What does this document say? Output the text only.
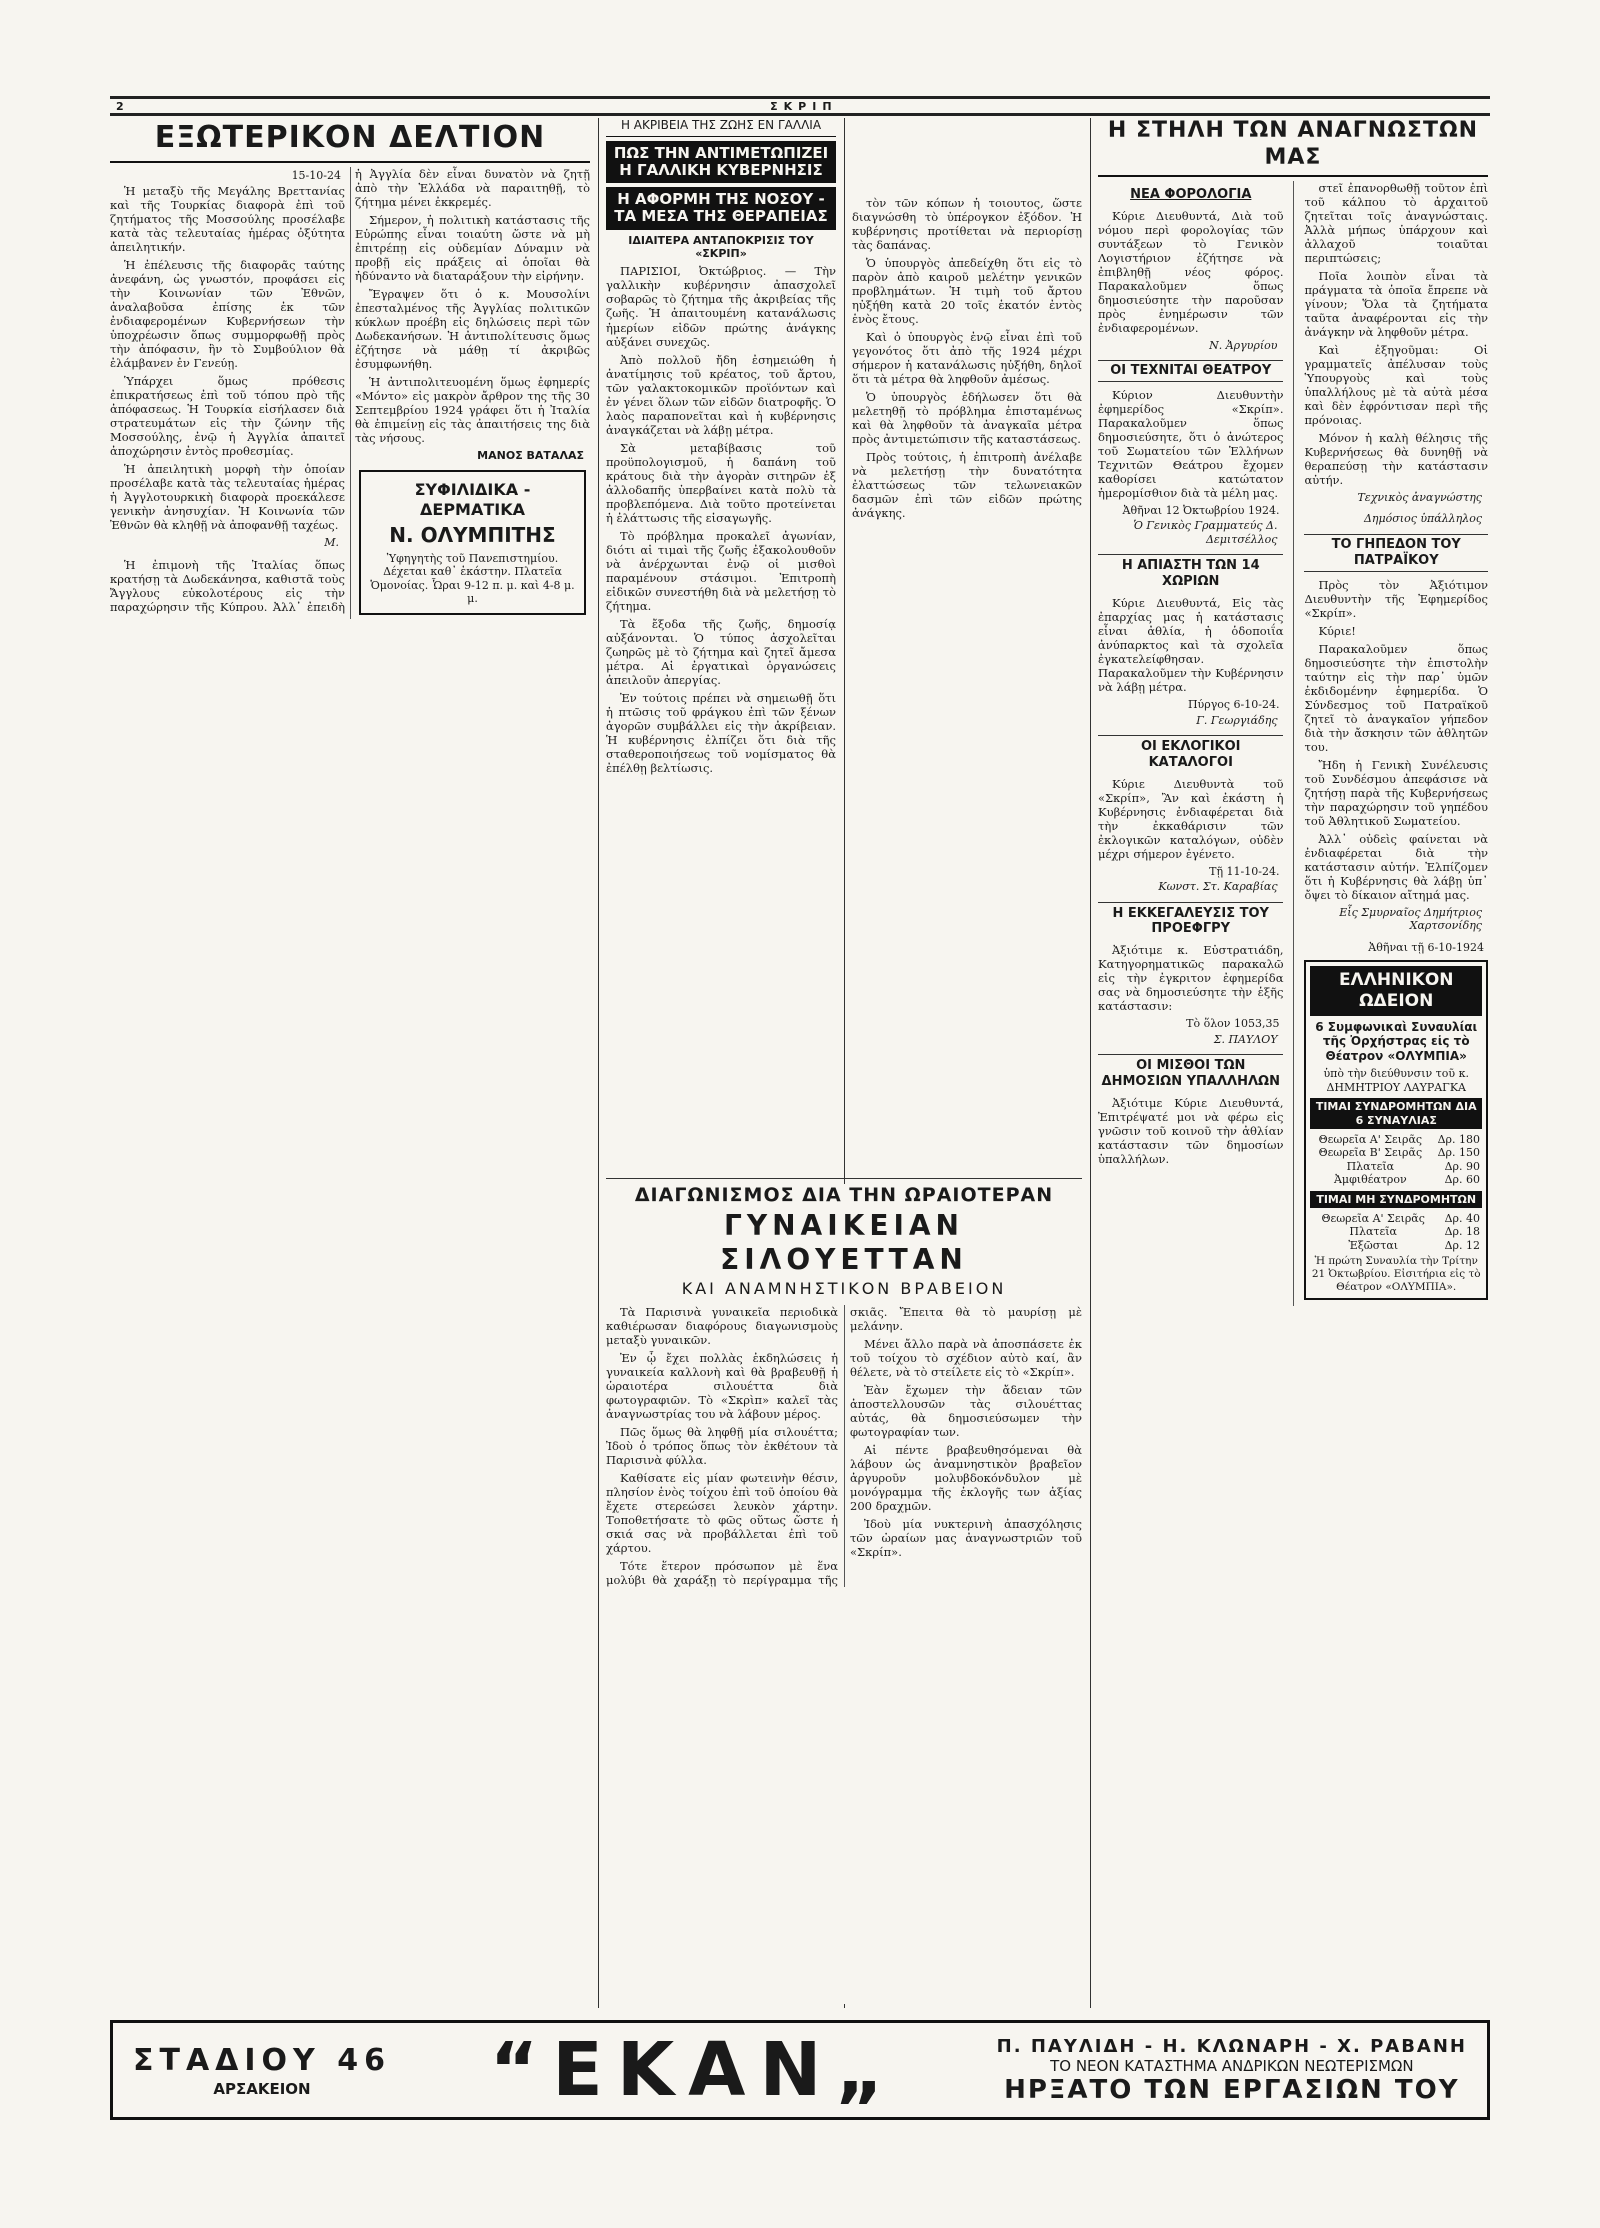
2	ΣΚΡΙΠ
ΕΞΩΤΕΡΙΚΟΝ ΔΕΛΤΙΟΝ
15-10-24

Ἡ μεταξὺ τῆς Μεγάλης Βρεττανίας καὶ τῆς Τουρκίας διαφορὰ ἐπὶ τοῦ ζητήματος τῆς Μοσσούλης προσέλαβε κατὰ τὰς τελευταίας ἡμέρας ὀξύτητα ἀπειλητικήν.

Ἡ ἐπέλευσις τῆς διαφορᾶς ταύτης ἀνεφάνη, ὡς γνωστόν, προφάσει εἰς τὴν Κοινωνίαν τῶν Ἐθνῶν, ἀναλαβοῦσα ἐπίσης ἐκ τῶν ἐνδιαφερομένων Κυβερνήσεων τὴν ὑποχρέωσιν ὅπως συμμορφωθῇ πρὸς τὴν ἀπόφασιν, ἣν τὸ Συμβούλιον θὰ ἐλάμβανεν ἐν Γενεύῃ.

Ὑπάρχει ὅμως πρόθεσις ἐπικρατήσεως ἐπὶ τοῦ τόπου πρὸ τῆς ἀπόφασεως. Ἡ Τουρκία εἰσήλασεν διὰ στρατευμάτων εἰς τὴν ζώνην τῆς Μοσσούλης, ἐνῷ ἡ Ἀγγλία ἀπαιτεῖ ἀποχώρησιν ἐντὸς προθεσμίας.

Ἡ ἀπειλητικὴ μορφὴ τὴν ὁποίαν προσέλαβε κατὰ τὰς τελευταίας ἡμέρας ἡ Ἀγγλοτουρκικὴ διαφορὰ προεκάλεσε γενικὴν ἀνησυχίαν. Ἡ Κοινωνία τῶν Ἐθνῶν θὰ κληθῇ νὰ ἀποφανθῇ ταχέως.

Μ.

Ἡ ἐπιμονὴ τῆς Ἰταλίας ὅπως κρατήσῃ τὰ Δωδεκάνησα, καθιστᾶ τοὺς Ἄγγλους εὐκολοτέρους εἰς τὴν παραχώρησιν τῆς Κύπρου. Ἀλλ᾿ ἐπειδὴ ἡ Ἀγγλία δὲν εἶναι δυνατὸν νὰ ζητῇ ἀπὸ τὴν Ἑλλάδα νὰ παραιτηθῇ, τὸ ζήτημα μένει ἐκκρεμές.

Σήμερον, ἡ πολιτικὴ κατάστασις τῆς Εὐρώπης εἶναι τοιαύτη ὥστε νὰ μὴ ἐπιτρέπῃ εἰς οὐδεμίαν Δύναμιν νὰ προβῇ εἰς πράξεις αἱ ὁποῖαι θὰ ἠδύναντο νὰ διαταράξουν τὴν εἰρήνην.

Ἔγραψεν ὅτι ὁ κ. Μουσολίνι ἐπεσταλμένος τῆς Ἀγγλίας πολιτικῶν κύκλων προέβη εἰς δηλώσεις περὶ τῶν Δωδεκανήσων. Ἡ ἀντιπολίτευσις ὅμως ἐζήτησε νὰ μάθῃ τί ἀκριβῶς ἐσυμφωνήθη.

Ἡ ἀντιπολιτευομένη ὅμως ἐφημερίς «Μόντο» εἰς μακρὸν ἄρθρον της τῆς 30 Σεπτεμβρίου 1924 γράφει ὅτι ἡ Ἰταλία θὰ ἐπιμείνῃ εἰς τὰς ἀπαιτήσεις της διὰ τὰς νήσους.

ΜΑΝΟΣ ΒΑΤΑΛΑΣ
ΣΥΦΙΛΙΔΙΚΑ - ΔΕΡΜΑΤΙΚΑ
Ν. ΟΛΥΜΠΙΤΗΣ
Ὑφηγητὴς τοῦ Πανεπιστημίου. Δέχεται καθ᾿ ἑκάστην. Πλατεῖα Ὁμονοίας. Ὧραι 9-12 π. μ. καὶ 4-8 μ. μ.
Η ΑΚΡΙΒΕΙΑ ΤΗΣ ΖΩΗΣ ΕΝ ΓΑΛΛΙΑ
ΠΩΣ ΤΗΝ ΑΝΤΙΜΕΤΩΠΙΖΕΙ Η ΓΑΛΛΙΚΗ ΚΥΒΕΡΝΗΣΙΣ
Η ΑΦΟΡΜΗ ΤΗΣ ΝΟΣΟΥ - ΤΑ ΜΕΣΑ ΤΗΣ ΘΕΡΑΠΕΙΑΣ
ΙΔΙΑΙΤΕΡΑ ΑΝΤΑΠΟΚΡΙΣΙΣ ΤΟΥ «ΣΚΡΙΠ»

ΠΑΡΙΣΙΟΙ, Ὀκτώβριος. — Τὴν γαλλικὴν κυβέρνησιν ἀπασχολεῖ σοβαρῶς τὸ ζήτημα τῆς ἀκριβείας τῆς ζωῆς. Ἡ ἀπαιτουμένη κατανάλωσις ἠμερίων εἰδῶν πρώτης ἀνάγκης αὐξάνει συνεχῶς.

Ἀπὸ πολλοῦ ἤδη ἐσημειώθη ἡ ἀνατίμησις τοῦ κρέατος, τοῦ ἄρτου, τῶν γαλακτοκομικῶν προϊόντων καὶ ἐν γένει ὅλων τῶν εἰδῶν διατροφῆς. Ὁ λαὸς παραπονεῖται καὶ ἡ κυβέρνησις ἀναγκάζεται νὰ λάβῃ μέτρα.

Σὰ μεταβίβασις τοῦ προϋπολογισμοῦ, ἡ δαπάνη τοῦ κράτους διὰ τὴν ἀγορὰν σιτηρῶν ἐξ ἀλλοδαπῆς ὑπερβαίνει κατὰ πολὺ τὰ προβλεπόμενα. Διὰ τοῦτο προτείνεται ἡ ἐλάττωσις τῆς εἰσαγωγῆς.

Τὸ πρόβλημα προκαλεῖ ἀγωνίαν, διότι αἱ τιμαὶ τῆς ζωῆς ἐξακολουθοῦν νὰ ἀνέρχωνται ἐνῷ οἱ μισθοὶ παραμένουν στάσιμοι. Ἐπιτροπὴ εἰδικῶν συνεστήθη διὰ νὰ μελετήσῃ τὸ ζήτημα.

Τὰ ἔξοδα τῆς ζωῆς, δημοσίᾳ αὐξάνονται. Ὁ τύπος ἀσχολεῖται ζωηρῶς μὲ τὸ ζήτημα καὶ ζητεῖ ἄμεσα μέτρα. Αἱ ἐργατικαὶ ὀργανώσεις ἀπειλοῦν ἀπεργίας.

Ἐν τούτοις πρέπει νὰ σημειωθῇ ὅτι ἡ πτῶσις τοῦ φράγκου ἐπὶ τῶν ξένων ἀγορῶν συμβάλλει εἰς τὴν ἀκρίβειαν. Ἡ κυβέρνησις ἐλπίζει ὅτι διὰ τῆς σταθεροποιήσεως τοῦ νομίσματος θὰ ἐπέλθῃ βελτίωσις.

τὸν τῶν κόπων ἡ τοιουτος, ὥστε διαγνώσθη τὸ ὑπέρογκον ἐξόδον. Ἡ κυβέρνησις προτίθεται νὰ περιορίσῃ τὰς δαπάνας.

Ὁ ὑπουργὸς ἀπεδείχθη ὅτι εἰς τὸ παρὸν ἀπὸ καιροῦ μελέτην γενικῶν προβλημάτων. Ἡ τιμὴ τοῦ ἄρτου ηὐξήθη κατὰ 20 τοῖς ἑκατόν ἐντὸς ἑνὸς ἔτους.

Καὶ ὁ ὑπουργὸς ἐνῷ εἶναι ἐπὶ τοῦ γεγονότος ὅτι ἀπὸ τῆς 1924 μέχρι σήμερον ἡ κατανάλωσις ηὐξήθη, δηλοῖ ὅτι τὰ μέτρα θὰ ληφθοῦν ἀμέσως.

Ὁ ὑπουργὸς ἐδήλωσεν ὅτι θὰ μελετηθῇ τὸ πρόβλημα ἐπισταμένως καὶ θὰ ληφθοῦν τὰ ἀναγκαῖα μέτρα πρὸς ἀντιμετώπισιν τῆς καταστάσεως.

Πρὸς τούτοις, ἡ ἐπιτροπὴ ἀνέλαβε νὰ μελετήσῃ τὴν δυνατότητα ἐλαττώσεως τῶν τελωνειακῶν δασμῶν ἐπὶ τῶν εἰδῶν πρώτης ἀνάγκης.

ΔΙΑΓΩΝΙΣΜΟΣ ΔΙΑ ΤΗΝ ΩΡΑΙΟΤΕΡΑΝ
ΓΥΝΑΙΚΕΙΑΝ ΣΙΛΟΥΕΤΤΑΝ
ΚΑΙ ΑΝΑΜΝΗΣΤΙΚΟΝ ΒΡΑΒΕΙΟΝ

Τὰ Παρισινὰ γυναικεῖα περιοδικὰ καθιέρωσαν διαφόρους διαγωνισμοὺς μεταξὺ γυναικῶν.

Ἐν ᾧ ἔχει πολλὰς ἐκδηλώσεις ἡ γυναικεία καλλονὴ καὶ θὰ βραβευθῇ ἡ ὡραιοτέρα σιλουέττα διὰ φωτογραφιῶν. Τὸ «Σκρὶπ» καλεῖ τὰς ἀναγνωστρίας του νὰ λάβουν μέρος.

Πῶς ὅμως θὰ ληφθῇ μία σιλουέττα; Ἰδοὺ ὁ τρόπος ὅπως τὸν ἐκθέτουν τὰ Παρισινὰ φύλλα.

Καθίσατε εἰς μίαν φωτεινὴν θέσιν, πλησίον ἑνὸς τοίχου ἐπὶ τοῦ ὁποίου θὰ ἔχετε στερεώσει λευκὸν χάρτην. Τοποθετήσατε τὸ φῶς οὕτως ὥστε ἡ σκιά σας νὰ προβάλλεται ἐπὶ τοῦ χάρτου.

Τότε ἕτερον πρόσωπον μὲ ἕνα μολύβι θὰ χαράξῃ τὸ περίγραμμα τῆς σκιᾶς. Ἔπειτα θὰ τὸ μαυρίσῃ μὲ μελάνην.

Μένει ἄλλο παρὰ νὰ ἀποσπάσετε ἐκ τοῦ τοίχου τὸ σχέδιον αὐτὸ καί, ἂν θέλετε, νὰ τὸ στείλετε εἰς τὸ «Σκρίπ».

Ἐὰν ἔχωμεν τὴν ἄδειαν τῶν ἀποστελλουσῶν τὰς σιλουέττας αὐτάς, θὰ δημοσιεύσωμεν τὴν φωτογραφίαν των.

Αἱ πέντε βραβευθησόμεναι θὰ λάβουν ὡς ἀναμνηστικὸν βραβεῖον ἀργυροῦν μολυβδοκόνδυλον μὲ μονόγραμμα τῆς ἐκλογῆς των ἀξίας 200 δραχμῶν.

Ἰδοὺ μία νυκτερινὴ ἀπασχόλησις τῶν ὡραίων μας ἀναγνωστριῶν τοῦ «Σκρίπ».

Η ΣΤΗΛΗ ΤΩΝ ΑΝΑΓΝΩΣΤΩΝ ΜΑΣ
ΝΕΑ ΦΟΡΟΛΟΓΙΑ

Κύριε Διευθυντά, Διὰ τοῦ νόμου περὶ φορολογίας τῶν συντάξεων τὸ Γενικὸν Λογιστήριον ἐζήτησε νὰ ἐπιβληθῇ νέος φόρος. Παρακαλοῦμεν ὅπως δημοσιεύσητε τὴν παροῦσαν πρὸς ἐνημέρωσιν τῶν ἐνδιαφερομένων.

Ν. Ἀργυρίου
ΟΙ ΤΕΧΝΙΤΑΙ ΘΕΑΤΡΟΥ

Κύριον Διευθυντὴν ἐφημερίδος «Σκρίπ». Παρακαλοῦμεν ὅπως δημοσιεύσητε, ὅτι ὁ ἀνώτερος τοῦ Σωματείου τῶν Ἑλλήνων Τεχνιτῶν Θεάτρου ἔχομεν καθορίσει κατώτατον ἡμερομίσθιον διὰ τὰ μέλη μας.

Ἀθῆναι 12 Ὀκτωβρίου 1924.
Ὁ Γενικὸς Γραμματεύς Δ. Δεμιτσέλλος
Η ΑΠΙΑΣΤΗ ΤΩΝ 14 ΧΩΡΙΩΝ

Κύριε Διευθυντά, Εἰς τὰς ἐπαρχίας μας ἡ κατάστασις εἶναι ἀθλία, ἡ ὁδοποιΐα ἀνύπαρκτος καὶ τὰ σχολεῖα ἐγκατελείφθησαν. Παρακαλοῦμεν τὴν Κυβέρνησιν νὰ λάβῃ μέτρα.

Πύργος 6-10-24.
Γ. Γεωργιάδης
ΟΙ ΕΚΛΟΓΙΚΟΙ ΚΑΤΑΛΟΓΟΙ

Κύριε Διευθυντὰ τοῦ «Σκρίπ», Ἂν καὶ ἐκάστη ἡ Κυβέρνησις ἐνδιαφέρεται διὰ τὴν ἐκκαθάρισιν τῶν ἐκλογικῶν καταλόγων, οὐδὲν μέχρι σήμερον ἐγένετο.

Τῇ 11-10-24.
Κωνστ. Στ. Καραβίας
Η ΕΚΚΕΓΑΛΕΥΣΙΣ ΤΟΥ ΠΡΟΕΦΓΡΥ

Ἀξιότιμε κ. Εὐστρατιάδη, Κατηγορηματικῶς παρακαλῶ εἰς τὴν ἐγκριτον ἐφημερίδα σας νὰ δημοσιεύσητε τὴν ἑξῆς κατάστασιν:

Τὸ ὅλον 1053,35
Σ. ΠΑΥΛΟΥ
ΟΙ ΜΙΣΘΟΙ ΤΩΝ ΔΗΜΟΣΙΩΝ ΥΠΑΛΛΗΛΩΝ

Ἀξιότιμε Κύριε Διευθυντά, Ἐπιτρέψατέ μοι νὰ φέρω εἰς γνῶσιν τοῦ κοινοῦ τὴν ἀθλίαν κατάστασιν τῶν δημοσίων ὑπαλλήλων.

στεῖ ἐπανορθωθῇ τοῦτον ἐπὶ τοῦ κάλπου τὸ ἀρχαιτοῦ ζητεῖται τοῖς ἀναγνώσταις. Ἀλλὰ μήπως ὑπάρχουν καὶ ἀλλαχοῦ τοιαῦται περιπτώσεις;

Ποῖα λοιπὸν εἶναι τὰ πράγματα τὰ ὁποῖα ἔπρεπε νὰ γίνουν; Ὅλα τὰ ζητήματα ταῦτα ἀναφέρονται εἰς τὴν ἀνάγκην νὰ ληφθοῦν μέτρα.

Καὶ ἐξηγοῦμαι: Οἱ γραμματεῖς ἀπέλυσαν τοὺς Ὑπουργοὺς καὶ τοὺς ὑπαλλήλους μὲ τὰ αὐτὰ μέσα καὶ δὲν ἐφρόντισαν περὶ τῆς πρόνοιας.

Μόνον ἡ καλὴ θέλησις τῆς Κυβερνήσεως θὰ δυνηθῇ νὰ θεραπεύσῃ τὴν κατάστασιν αὐτήν.

Τεχνικὸς ἀναγνώστης
Δημόσιος ὑπάλληλος
ΤΟ ΓΗΠΕΔΟΝ ΤΟΥ ΠΑΤΡΑΪΚΟΥ

Πρὸς τὸν Ἀξιότιμον Διευθυντὴν τῆς Ἐφημερίδος «Σκρίπ».

Κύριε!

Παρακαλοῦμεν ὅπως δημοσιεύσητε τὴν ἐπιστολὴν ταύτην εἰς τὴν παρ᾿ ὑμῶν ἐκδιδομένην ἐφημερίδα. Ὁ Σύνδεσμος τοῦ Πατραϊκοῦ ζητεῖ τὸ ἀναγκαῖον γήπεδον διὰ τὴν ἄσκησιν τῶν ἀθλητῶν του.

Ἤδη ἡ Γενικὴ Συνέλευσις τοῦ Συνδέσμου ἀπεφάσισε νὰ ζητήσῃ παρὰ τῆς Κυβερνήσεως τὴν παραχώρησιν τοῦ γηπέδου τοῦ Ἀθλητικοῦ Σωματείου.

Ἀλλ᾿ οὐδεὶς φαίνεται νὰ ἐνδιαφέρεται διὰ τὴν κατάστασιν αὐτήν. Ἐλπίζομεν ὅτι ἡ Κυβέρνησις θὰ λάβῃ ὑπ᾿ ὄψει τὸ δίκαιον αἴτημά μας.

Εἷς Σμυρναῖος Δημήτριος Χαρτσονίδης
Ἀθῆναι τῇ 6-10-1924
ΕΛΛΗΝΙΚΟΝ ΩΔΕΙΟΝ
6 Συμφωνικαὶ Συναυλίαι τῆς Ὀρχήστρας εἰς τὸ Θέατρον «ΟΛΥΜΠΙΑ»
ὑπὸ τὴν διεύθυνσιν τοῦ κ. ΔΗΜΗΤΡΙΟΥ ΛΑΥΡΑΓΚΑ
ΤΙΜΑΙ ΣΥΝΔΡΟΜΗΤΩΝ ΔΙΑ 6 ΣΥΝΑΥΛΙΑΣ
Θεωρεῖα Α' Σειρᾶς	Δρ. 180
Θεωρεῖα Β' Σειρᾶς	Δρ. 150
Πλατεῖα	Δρ. 90
Ἀμφιθέατρον	Δρ. 60
ΤΙΜΑΙ ΜΗ ΣΥΝΔΡΟΜΗΤΩΝ
Θεωρεῖα Α' Σειρᾶς	Δρ. 40
Πλατεῖα	Δρ. 18
Ἐξῶσται	Δρ. 12
Ἡ πρώτη Συναυλία τὴν Τρίτην 21 Ὀκτωβρίου. Εἰσιτήρια εἰς τὸ Θέατρον «ΟΛΥΜΠΙΑ».
ΣΤΑΔΙΟΥ 46
ΑΡΣΑΚΕΙΟΝ	“ΕΚΑΝ„	Π. ΠΑΥΛΙΔΗ - Η. ΚΛΩΝΑΡΗ - Χ. ΡΑΒΑΝΗ
ΤΟ ΝΕΟΝ ΚΑΤΑΣΤΗΜΑ ΑΝΔΡΙΚΩΝ ΝΕΩΤΕΡΙΣΜΩΝ
ΗΡΞΑΤΟ ΤΩΝ ΕΡΓΑΣΙΩΝ ΤΟΥ
